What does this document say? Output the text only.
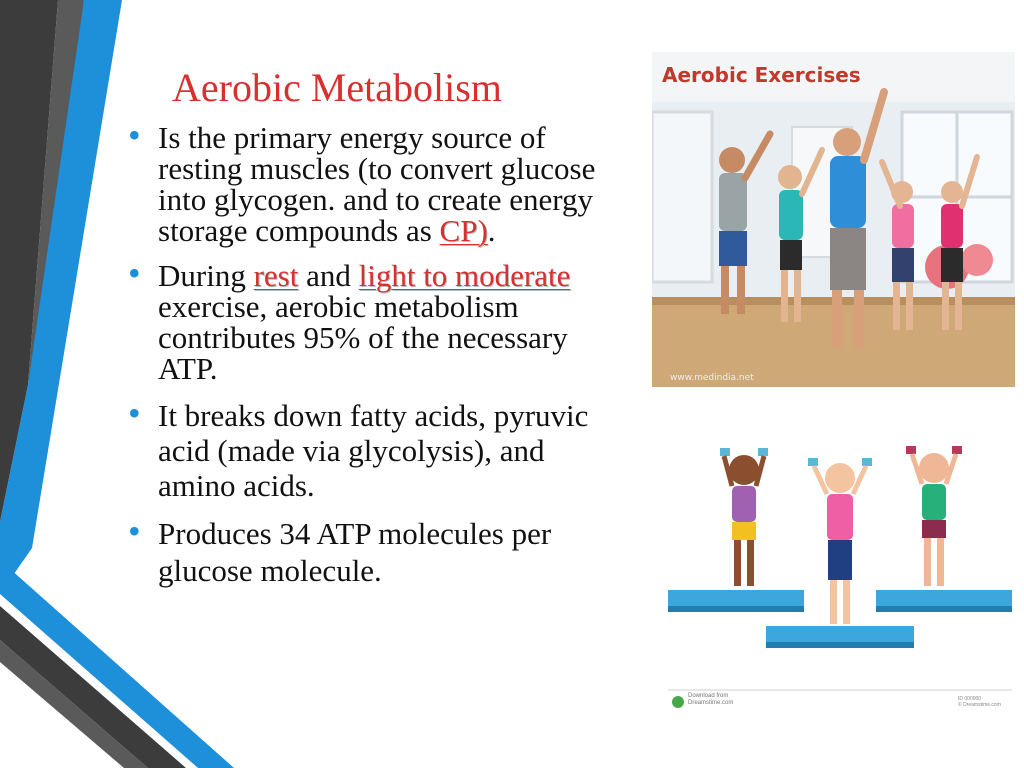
Aerobic Metabolism
• Is the primary energy source of resting muscles (to convert glucose into glycogen. and to create energy storage compounds as CP).
• During rest and light to moderate exercise, aerobic metabolism contributes 95% of the necessary ATP.
• It breaks down fatty acids, pyruvic acid (made via glycolysis), and amino acids.
• Produces 34 ATP molecules per glucose molecule.
Aerobic Exercises
www.medindia.net
Download from
Dreamstime.com
ID 000000
© Dreamstime.com
